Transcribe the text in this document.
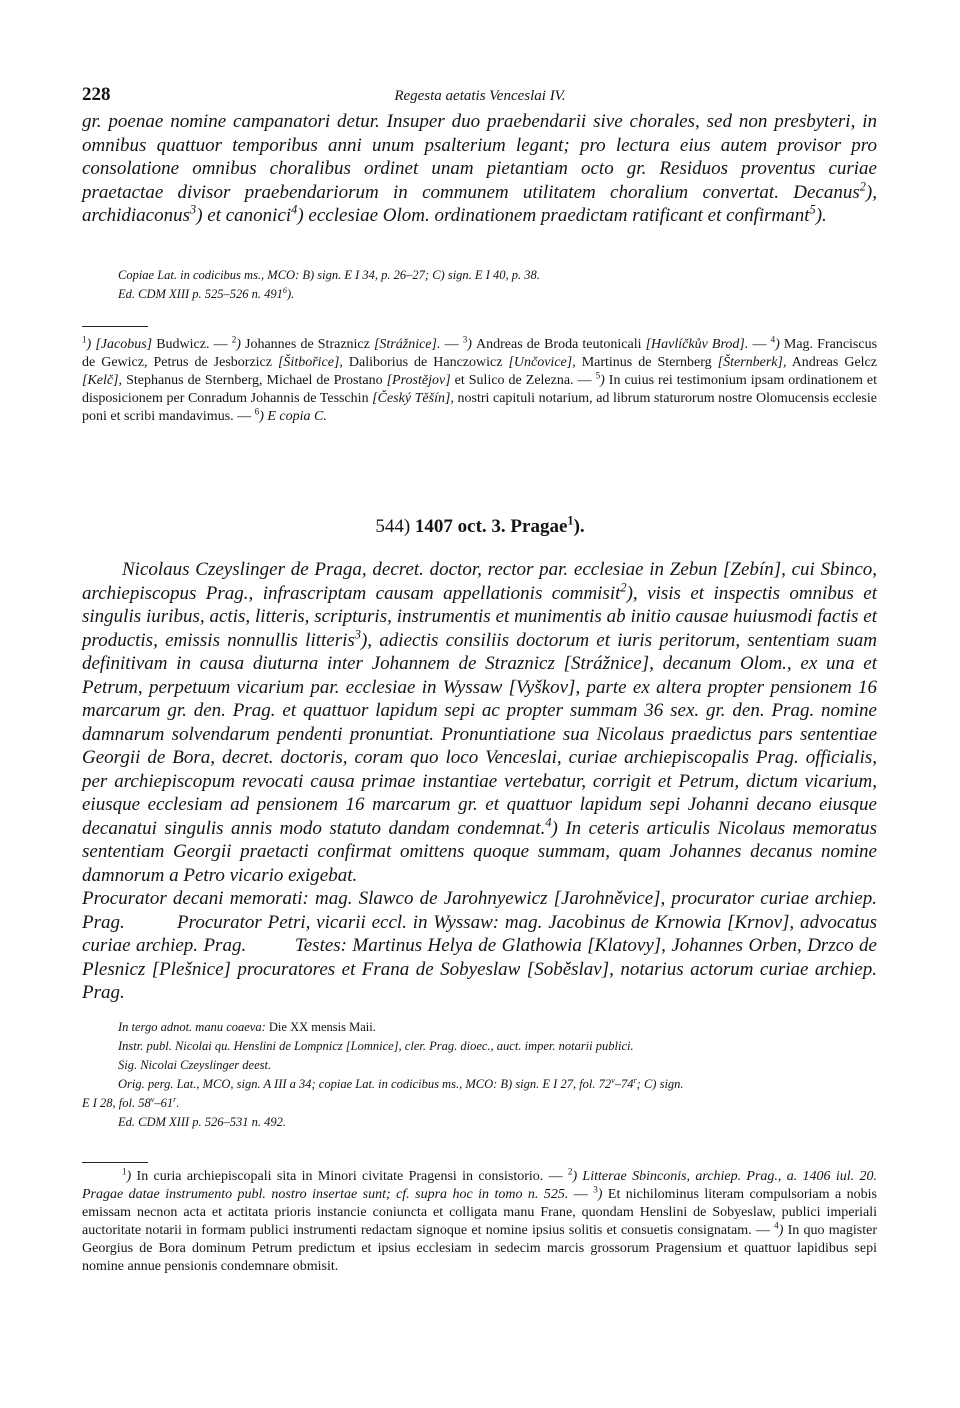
228	Regesta aetatis Venceslai IV.

gr. poenae nomine campanatori detur. Insuper duo praebendarii sive chorales, sed non presbyteri, in omnibus quattuor temporibus anni unum psalterium legant; pro lectura eius autem provisor pro consolatione omnibus choralibus ordinet unam pietantiam octo gr. Residuos proventus curiae praetactae divisor praebendariorum in communem utilitatem choralium convertat. Decanus$^2$), archidiaconus$^3$) et canonici$^4$) ecclesiae Olom. ordinationem praedictam ratificant et confirmant$^5$).

Copiae Lat. in codicibus ms., MCO: B) sign. E I 34, p. 26–27; C) sign. E I 40, p. 38.
Ed. CDM XIII p. 525–526 n. $491^6$).

$^1$) [Jacobus] Budwicz. — $^2$) Johannes de Straznicz [Strážnice]. — $^3$) Andreas de Broda teutonicali [Havlíčkův Brod]. — $^4$) Mag. Franciscus de Gewicz, Petrus de Jesborzicz [Šitbořice], Daliborius de Hanczowicz [Unčovice], Martinus de Sternberg [Šternberk], Andreas Gelcz [Kelč], Stephanus de Sternberg, Michael de Prostano [Prostějov] et Sulico de Zelezna. — $^5$) In cuius rei testimonium ipsam ordinationem et disposicionem per Conradum Johannis de Tesschin [Český Těšín], nostri capituli notarium, ad librum staturorum nostre Olomucensis ecclesie poni et scribi mandavimus. — $^6$) E copia C.

544) 1407 oct. 3. Pragae$^1$).

Nicolaus Czeyslinger de Praga, decret. doctor, rector par. ecclesiae in Zebun [Zebín], cui Sbinco, archiepiscopus Prag., infrascriptam causam appellationis commisit$^2$), visis et inspectis omnibus et singulis iuribus, actis, litteris, scripturis, instrumentis et munimentis ab initio causae huiusmodi factis et productis, emissis nonnullis litteris$^3$), adiectis consiliis doctorum et iuris peritorum, sententiam suam definitivam in causa diuturna inter Johannem de Straznicz [Strážnice], decanum Olom., ex una et Petrum, perpetuum vicarium par. ecclesiae in Wyssaw [Vyškov], parte ex altera propter pensionem 16 marcarum gr. den. Prag. et quattuor lapidum sepi ac propter summam 36 sex. gr. den. Prag. nomine damnarum solvendarum pendenti pronuntiat. Pronuntiatione sua Nicolaus praedictus pars sententiae Georgii de Bora, decret. doctoris, coram quo loco Venceslai, curiae archiepiscopalis Prag. officialis, per archiepiscopum revocati causa primae instantiae vertebatur, corrigit et Petrum, dictum vicarium, eiusque ecclesiam ad pensionem 16 marcarum gr. et quattuor lapidum sepi Johanni decano eiusque decanatui singulis annis modo statuto dandam condemnat.$^4$) In ceteris articulis Nicolaus memoratus sententiam Georgii praetacti confirmat omittens quoque summam, quam Johannes decanus nomine damnorum a Petro vicario exigebat.

Procurator decani memorati: mag. Slawco de Jarohnyewicz [Jarohněvice], procurator curiae archiep. Prag.         Procurator Petri, vicarii eccl. in Wyssaw: mag. Jacobinus de Krnowia [Krnov], advocatus curiae archiep. Prag.         Testes: Martinus Helya de Glathowia [Klatovy], Johannes Orben, Drzco de Plesnicz [Plešnice] procuratores et Frana de Sobyeslaw [Soběslav], notarius actorum curiae archiep. Prag.

In tergo adnot. manu coaeva: Die XX mensis Maii.
Instr. publ. Nicolai qu. Henslini de Lompnicz [Lomnice], cler. Prag. dioec., auct. imper. notarii publici.
Sig. Nicolai Czeyslinger deest.
Orig. perg. Lat., MCO, sign. A III a 34; copiae Lat. in codicibus ms., MCO: B) sign. E I 27, fol. 72$^v$–74$^r$; C) sign.
E I 28, fol. 58$^v$–61$^r$.
Ed. CDM XIII p. 526–531 n. 492.

$^1$) In curia archiepiscopali sita in Minori civitate Pragensi in consistorio. — $^2$) Litterae Sbinconis, archiep. Prag., a. 1406 iul. 20. Pragae datae instrumento publ. nostro insertae sunt; cf. supra hoc in tomo n. 525. — $^3$) Et nichilominus literam compulsoriam a nobis emissam necnon acta et actitata prioris instancie coniuncta et colligata manu Frane, quondam Henslini de Sobyeslaw, publici imperiali auctoritate notarii in formam publici instrumenti redactam signoque et nomine ipsius solitis et consuetis consignatam. — $^4$) In quo magister Georgius de Bora dominum Petrum predictum et ipsius ecclesiam in sedecim marcis grossorum Pragensium et quattuor lapidibus sepi nomine annue pensionis condemnare obmisit.
